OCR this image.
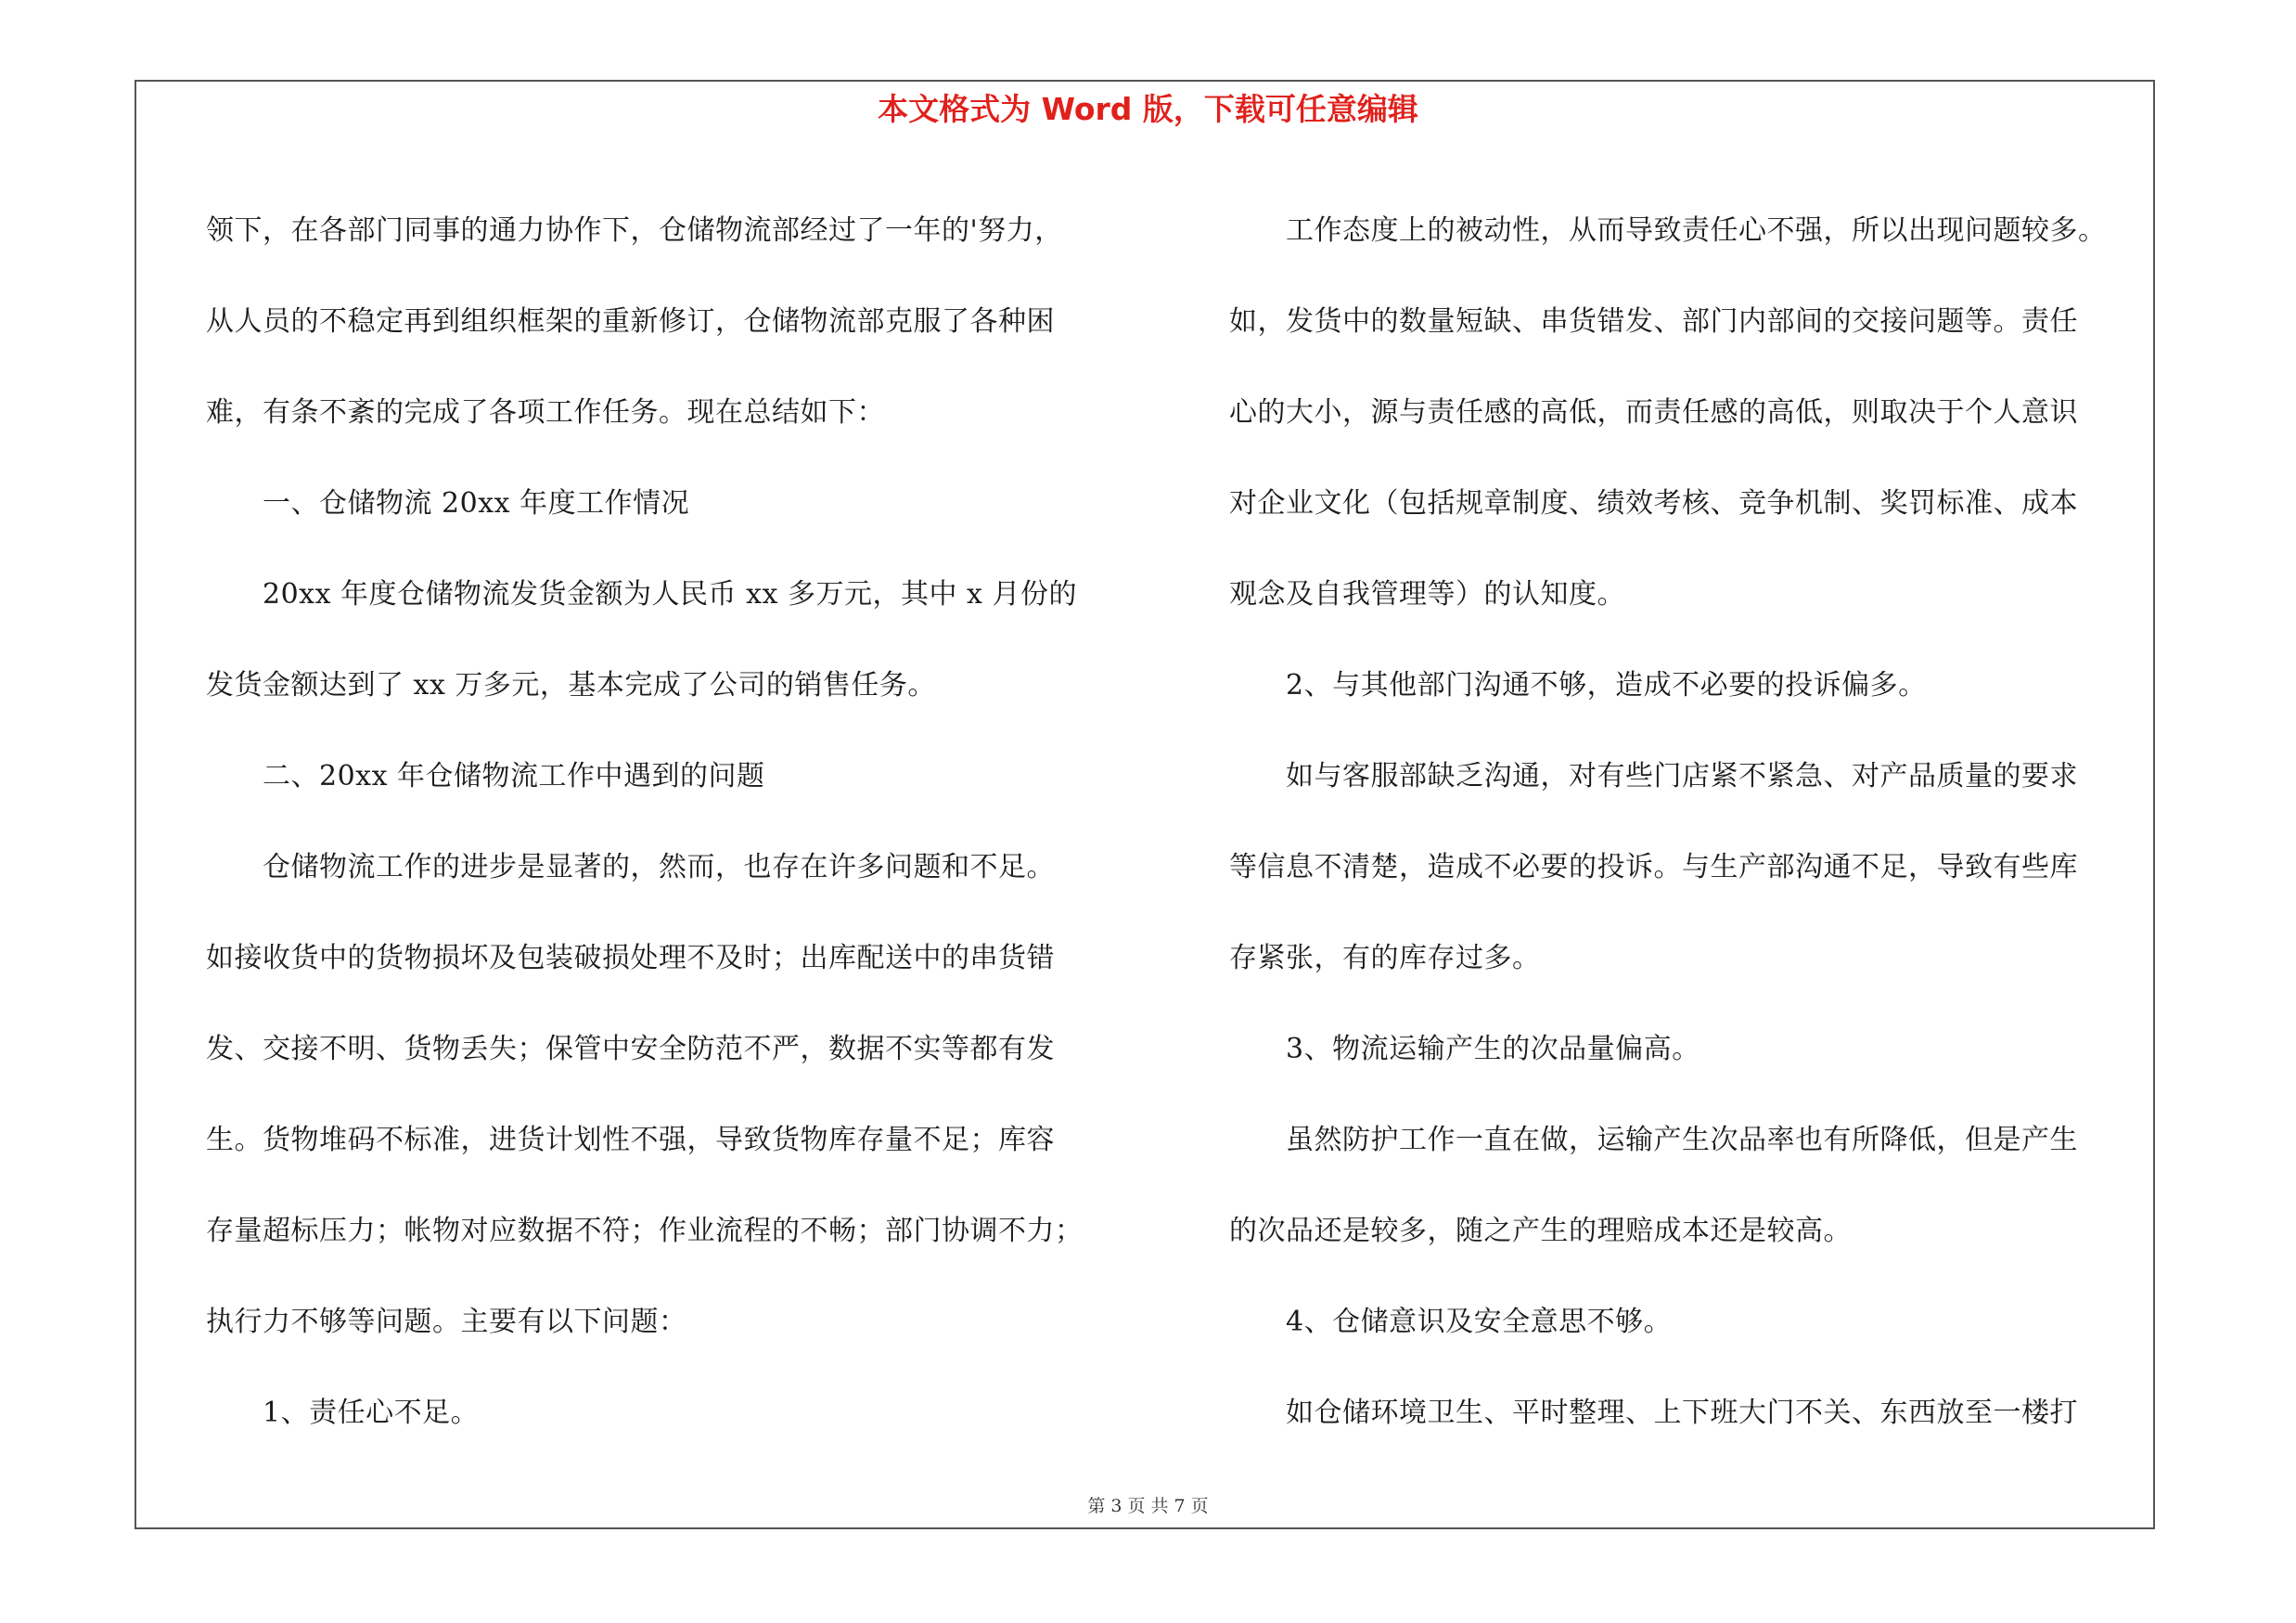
本文格式为 Word 版，下载可任意编辑

领下，在各部门同事的通力协作下，仓储物流部经过了一年的'努力，

从人员的不稳定再到组织框架的重新修订，仓储物流部克服了各种困

难，有条不紊的完成了各项工作任务。现在总结如下：

　　一、仓储物流 20xx 年度工作情况

　　20xx 年度仓储物流发货金额为人民币 xx 多万元，其中 x 月份的

发货金额达到了 xx 万多元，基本完成了公司的销售任务。

　　二、20xx 年仓储物流工作中遇到的问题

　　仓储物流工作的进步是显著的，然而，也存在许多问题和不足。

如接收货中的货物损坏及包装破损处理不及时；出库配送中的串货错

发、交接不明、货物丢失；保管中安全防范不严，数据不实等都有发

生。货物堆码不标准，进货计划性不强，导致货物库存量不足；库容

存量超标压力；帐物对应数据不符；作业流程的不畅；部门协调不力；

执行力不够等问题。主要有以下问题：

　　1、责任心不足。

　　工作态度上的被动性，从而导致责任心不强，所以出现问题较多。

如，发货中的数量短缺、串货错发、部门内部间的交接问题等。责任

心的大小，源与责任感的高低，而责任感的高低，则取决于个人意识

对企业文化（包括规章制度、绩效考核、竞争机制、奖罚标准、成本

观念及自我管理等）的认知度。

　　2、与其他部门沟通不够，造成不必要的投诉偏多。

　　如与客服部缺乏沟通，对有些门店紧不紧急、对产品质量的要求

等信息不清楚，造成不必要的投诉。与生产部沟通不足，导致有些库

存紧张，有的库存过多。

　　3、物流运输产生的次品量偏高。

　　虽然防护工作一直在做，运输产生次品率也有所降低，但是产生

的次品还是较多，随之产生的理赔成本还是较高。

　　4、仓储意识及安全意思不够。

　　如仓储环境卫生、平时整理、上下班大门不关、东西放至一楼打

第 3 页 共 7 页
